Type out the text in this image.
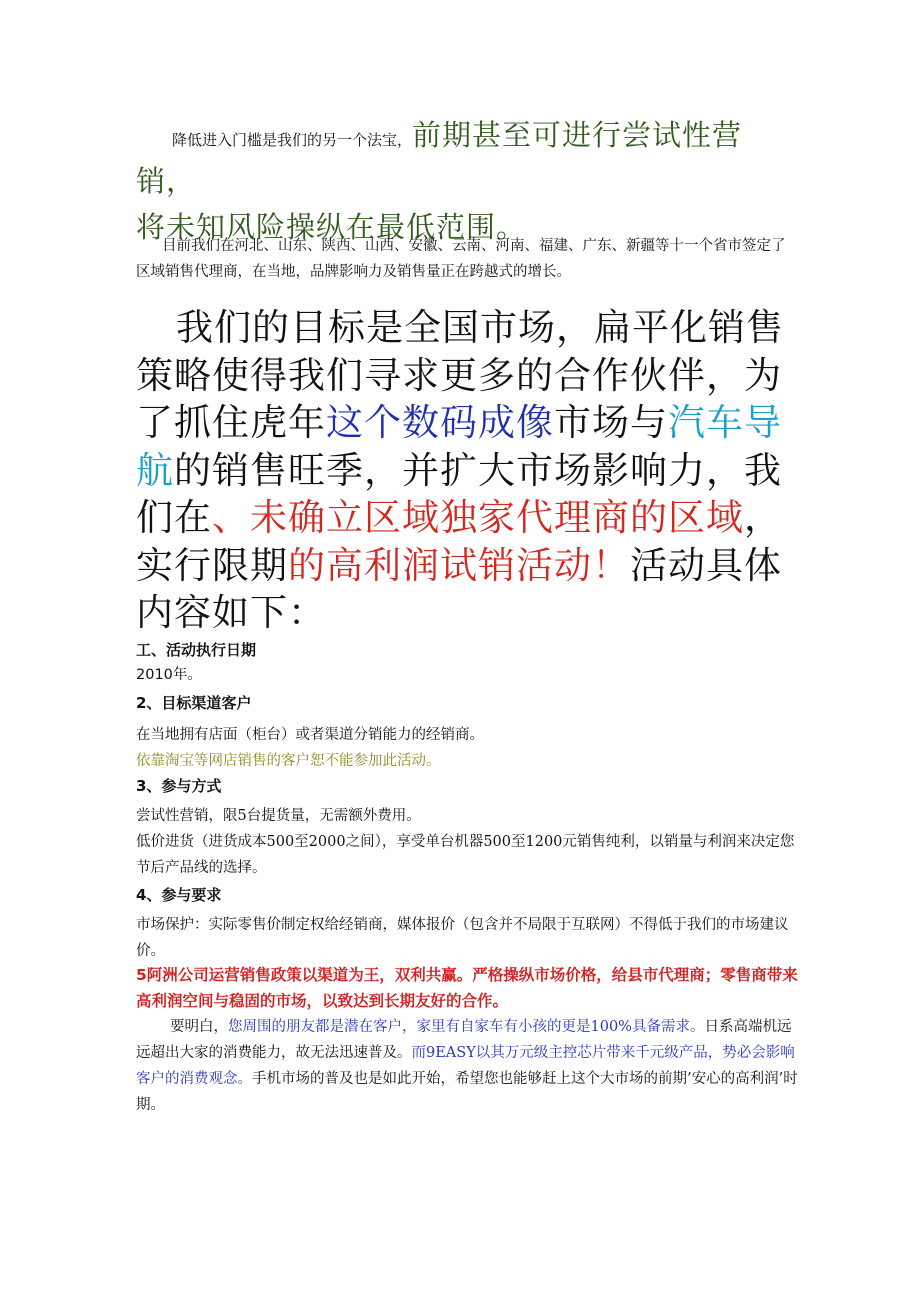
降低进入门槛是我们的另一个法宝，前期甚至可进行尝试性营销，
将未知风险操纵在最低范围。
目前我们在河北、山东、陕西、山西、安徽、云南、河南、福建、广东、新疆等十一个省市签定了区域销售代理商，在当地，品牌影响力及销售量正在跨越式的增长。
我们的目标是全国市场，扁平化销售策略使得我们寻求更多的合作伙伴，为了抓住虎年这个数码成像市场与汽车导航的销售旺季，并扩大市场影响力，我们在、未确立区域独家代理商的区域，实行限期的高利润试销活动！活动具体内容如下：
工、活动执行日期
2010年。
2、目标渠道客户
在当地拥有店面（柜台）或者渠道分销能力的经销商。
依靠淘宝等网店销售的客户恕不能参加此活动。
3、参与方式
尝试性营销，限5台提货量，无需额外费用。
低价进货（进货成本500至2000之间），享受单台机器500至1200元销售纯利，以销量与利润来决定您节后产品线的选择。
4、参与要求
市场保护：实际零售价制定权给经销商，媒体报价（包含并不局限于互联网）不得低于我们的市场建议价。
5阿洲公司运营销售政策以渠道为王，双利共赢。严格操纵市场价格，给县市代理商；零售商带来高利润空间与稳固的市场，以致达到长期友好的合作。
要明白，您周围的朋友都是潜在客户，家里有自家车有小孩的更是100%具备需求。日系高端机远远超出大家的消费能力，故无法迅速普及。而9EASY以其万元级主控芯片带来千元级产品，势必会影响客户的消费观念。手机市场的普及也是如此开始，希望您也能够赶上这个大市场的前期’安心的高利润’时期。
